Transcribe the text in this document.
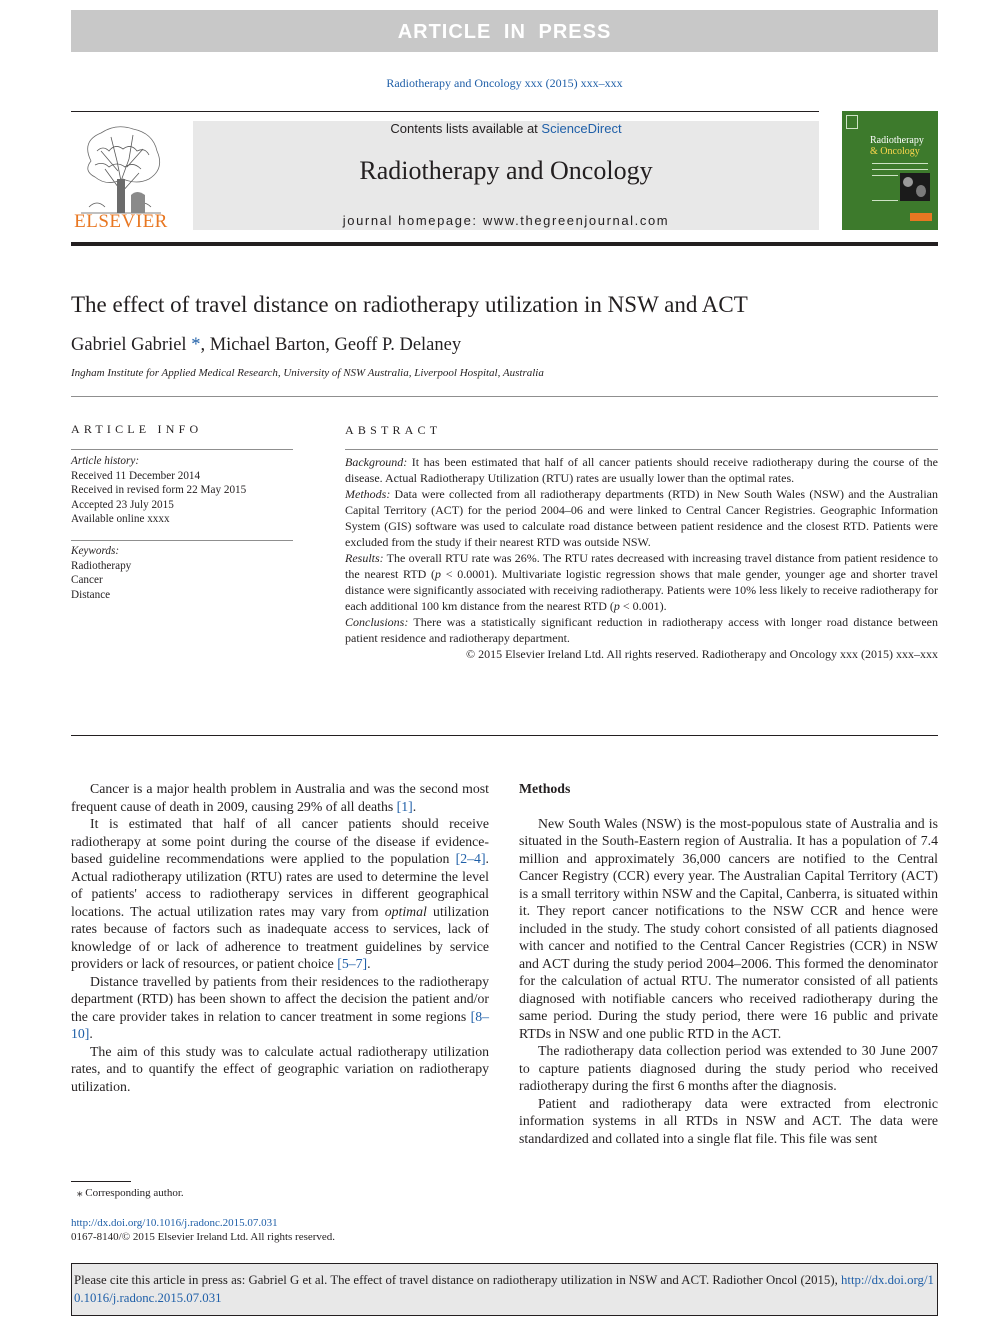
ARTICLE IN PRESS
Radiotherapy and Oncology xxx (2015) xxx–xxx
ELSEVIER
Contents lists available at ScienceDirect
Radiotherapy and Oncology
journal homepage: www.thegreenjournal.com
Radiotherapy
& Oncology
The effect of travel distance on radiotherapy utilization in NSW and ACT
Gabriel Gabriel *, Michael Barton, Geoff P. Delaney
Ingham Institute for Applied Medical Research, University of NSW Australia, Liverpool Hospital, Australia
ARTICLE INFO
Article history:
Received 11 December 2014
Received in revised form 22 May 2015
Accepted 23 July 2015
Available online xxxx
Keywords:
Radiotherapy
Cancer
Distance
ABSTRACT

Background: It has been estimated that half of all cancer patients should receive radiotherapy during the course of the disease. Actual Radiotherapy Utilization (RTU) rates are usually lower than the optimal rates.

Methods: Data were collected from all radiotherapy departments (RTD) in New South Wales (NSW) and the Australian Capital Territory (ACT) for the period 2004–06 and were linked to Central Cancer Registries. Geographic Information System (GIS) software was used to calculate road distance between patient residence and the closest RTD. Patients were excluded from the study if their nearest RTD was outside NSW.

Results: The overall RTU rate was 26%. The RTU rates decreased with increasing travel distance from patient residence to the nearest RTD (p < 0.0001). Multivariate logistic regression shows that male gender, younger age and shorter travel distance were significantly associated with receiving radiotherapy. Patients were 10% less likely to receive radiotherapy for each additional 100 km distance from the nearest RTD (p < 0.001).

Conclusions: There was a statistically significant reduction in radiotherapy access with longer road distance between patient residence and radiotherapy department.

© 2015 Elsevier Ireland Ltd. All rights reserved. Radiotherapy and Oncology xxx (2015) xxx–xxx

Cancer is a major health problem in Australia and was the second most frequent cause of death in 2009, causing 29% of all deaths [1].

It is estimated that half of all cancer patients should receive radiotherapy at some point during the course of the disease if evidence-based guideline recommendations were applied to the population [2–4]. Actual radiotherapy utilization (RTU) rates are used to determine the level of patients' access to radiotherapy services in different geographical locations. The actual utilization rates may vary from optimal utilization rates because of factors such as inadequate access to services, lack of knowledge of or lack of adherence to treatment guidelines by service providers or lack of resources, or patient choice [5–7].

Distance travelled by patients from their residences to the radiotherapy department (RTD) has been shown to affect the decision the patient and/or the care provider takes in relation to cancer treatment in some regions [8–10].

The aim of this study was to calculate actual radiotherapy utilization rates, and to quantify the effect of geographic variation on radiotherapy utilization.

Methods

New South Wales (NSW) is the most-populous state of Australia and is situated in the South-Eastern region of Australia. It has a population of 7.4 million and approximately 36,000 cancers are notified to the Central Cancer Registry (CCR) every year. The Australian Capital Territory (ACT) is a small territory within NSW and the Capital, Canberra, is situated within it. They report cancer notifications to the NSW CCR and hence were included in the study. The study cohort consisted of all patients diagnosed with cancer and notified to the Central Cancer Registries (CCR) in NSW and ACT during the study period 2004–2006. This formed the denominator for the calculation of actual RTU. The numerator consisted of all patients diagnosed with notifiable cancers who received radiotherapy during the same period. During the study period, there were 16 public and private RTDs in NSW and one public RTD in the ACT.

The radiotherapy data collection period was extended to 30 June 2007 to capture patients diagnosed during the study period who received radiotherapy during the first 6 months after the diagnosis.

Patient and radiotherapy data were extracted from electronic information systems in all RTDs in NSW and ACT. The data were standardized and collated into a single flat file. This file was sent

⁎ Corresponding author.
http://dx.doi.org/10.1016/j.radonc.2015.07.031
0167-8140/© 2015 Elsevier Ireland Ltd. All rights reserved.
Please cite this article in press as: Gabriel G et al. The effect of travel distance on radiotherapy utilization in NSW and ACT. Radiother Oncol (2015), http://dx.doi.org/10.1016/j.radonc.2015.07.031
